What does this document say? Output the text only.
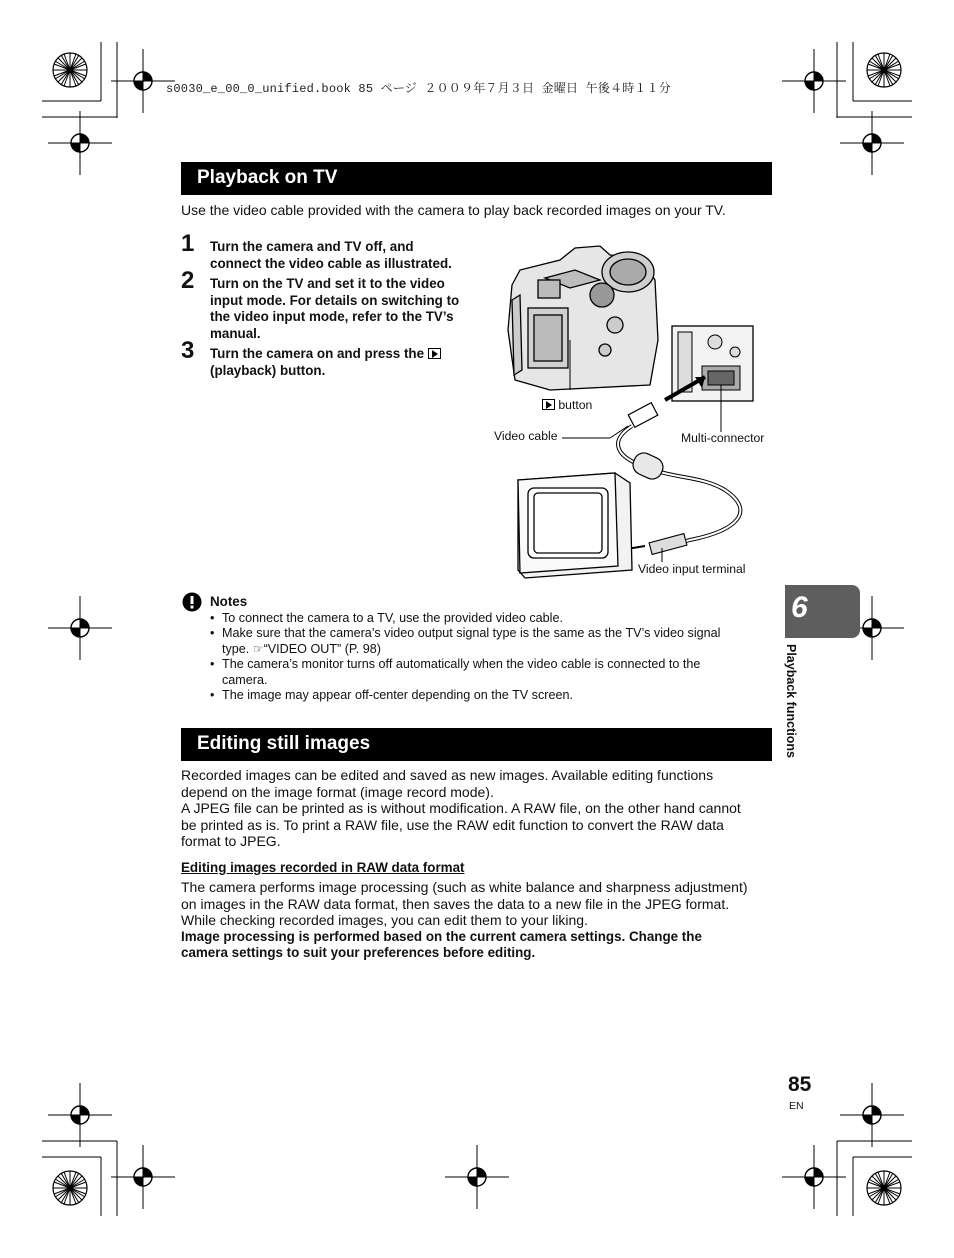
s0030_e_00_0_unified.book 85 ページ ２００９年７月３日 金曜日 午後４時１１分
Playback on TV
Use the video cable provided with the camera to play back recorded images on your TV.
1 Turn the camera and TV off, and
connect the video cable as illustrated.
2 Turn on the TV and set it to the video
input mode. For details on switching to
the video input mode, refer to the TV’s
manual.
3 Turn the camera on and press the
(playback) button.
button
Video cable	Multi-connector
Video input terminal
Notes
• To connect the camera to a TV, use the provided video cable.
• Make sure that the camera’s video output signal type is the same as the TV’s video signal
type. ☞“VIDEO OUT” (P. 98)
• The camera’s monitor turns off automatically when the video cable is connected to the
camera.
• The image may appear off-center depending on the TV screen.
Editing still images
Recorded images can be edited and saved as new images. Available editing functions
depend on the image format (image record mode).
A JPEG file can be printed as is without modification. A RAW file, on the other hand cannot
be printed as is. To print a RAW file, use the RAW edit function to convert the RAW data
format to JPEG.
Editing images recorded in RAW data format
The camera performs image processing (such as white balance and sharpness adjustment)
on images in the RAW data format, then saves the data to a new file in the JPEG format.
While checking recorded images, you can edit them to your liking.
Image processing is performed based on the current camera settings. Change the
camera settings to suit your preferences before editing.
6
Playback functions
85
EN
